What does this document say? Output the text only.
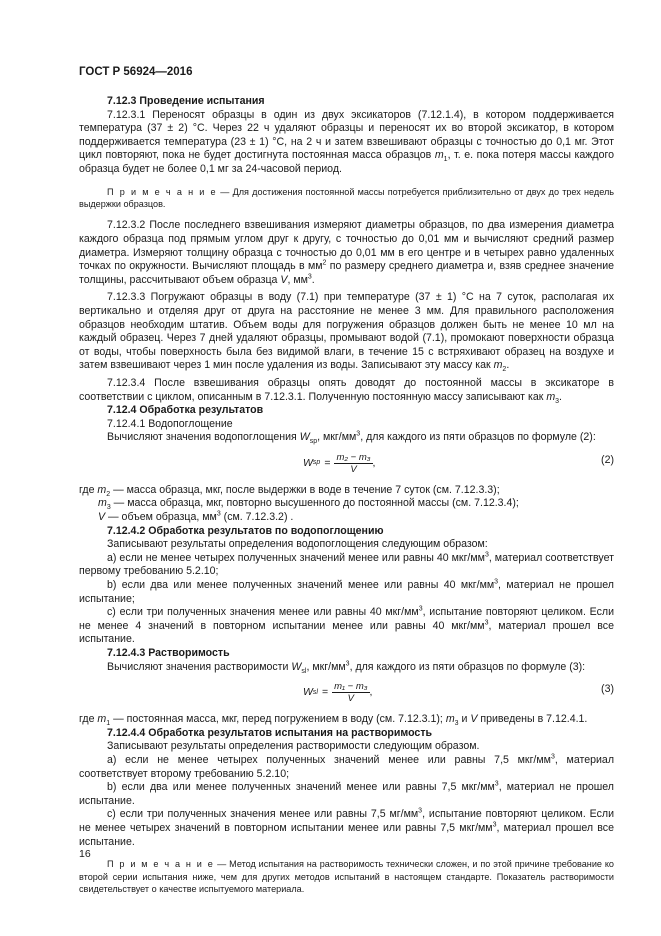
ГОСТ Р 56924—2016

7.12.3 Проведение испытания

7.12.3.1 Переносят образцы в один из двух эксикаторов (7.12.1.4), в котором поддерживается температура (37 ± 2) °С. Через 22 ч удаляют образцы и переносят их во второй эксикатор, в котором поддерживается температура (23 ± 1) °С, на 2 ч и затем взвешивают образцы с точностью до 0,1 мг. Этот цикл повторяют, пока не будет достигнута постоянная масса образцов $m_1$, т. е. пока потеря массы каждого образца будет не более 0,1 мг за 24-часовой период.

П р и м е ч а н и е — Для достижения постоянной массы потребуется приблизительно от двух до трех недель выдержки образцов.

7.12.3.2 После последнего взвешивания измеряют диаметры образцов, по два измерения диаметра каждого образца под прямым углом друг к другу, с точностью до 0,01 мм и вычисляют средний размер диаметра. Измеряют толщину образца с точностью до 0,01 мм в его центре и в четырех равно удаленных точках по окружности. Вычисляют площадь в $мм^2$ по размеру среднего диаметра и, взяв среднее значение толщины, рассчитывают объем образца V, $мм^3$.

7.12.3.3 Погружают образцы в воду (7.1) при температуре (37 ± 1) °С на 7 суток, располагая их вертикально и отделяя друг от друга на расстояние не менее 3 мм. Для правильного расположения образцов необходим штатив. Объем воды для погружения образцов должен быть не менее 10 мл на каждый образец. Через 7 дней удаляют образцы, промывают водой (7.1), промокают поверхности образца от воды, чтобы поверхность была без видимой влаги, в течение 15 с встряхивают образец на воздухе и затем взвешивают через 1 мин после удаления из воды. Записывают эту массу как $m_2$.

7.12.3.4 После взвешивания образцы опять доводят до постоянной массы в эксикаторе в соответствии с циклом, описанным в 7.12.3.1. Полученную постоянную массу записывают как $m_3$.

7.12.4 Обработка результатов

7.12.4.1 Водопоглощение

Вычисляют значения водопоглощения $W_{sp}$, мкг/$мм^3$, для каждого из пяти образцов по формуле (2):

W sp = $\frac{\text{m₂ − m₃}}{V}$ ,	(2)

где $m_2$ — масса образца, мкг, после выдержки в воде в течение 7 суток (см. 7.12.3.3);

$m_3$ — масса образца, мкг, повторно высушенного до постоянной массы (см. 7.12.3.4);

V — объем образца, $мм^3$ (см. 7.12.3.2) .

7.12.4.2 Обработка результатов по водопоглощению

Записывают результаты определения водопоглощения следующим образом:

а) если не менее четырех полученных значений менее или равны 40 мкг/$мм^3$, материал соответствует первому требованию 5.2.10;

b) если два или менее полученных значений менее или равны 40 мкг/$мм^3$, материал не прошел испытание;

с) если три полученных значения менее или равны 40 мкг/$мм^3$, испытание повторяют целиком. Если не менее 4 значений в повторном испытании менее или равны 40 мкг/$мм^3$, материал прошел все испытание.

7.12.4.3 Растворимость

Вычисляют значения растворимости $W_{sl}$, мкг/$мм^3$, для каждого из пяти образцов по формуле (3):

W sl = $\frac{\text{m₁ − m₃}}{V}$ ,	(3)

где $m_1$ — постоянная масса, мкг, перед погружением в воду (см. 7.12.3.1); $m_3$ и V приведены в 7.12.4.1.

7.12.4.4 Обработка результатов испытания на растворимость

Записывают результаты определения растворимости следующим образом.

а) если не менее четырех полученных значений менее или равны 7,5 мкг/$мм^3$, материал соответствует второму требованию 5.2.10;

b) если два или менее полученных значений менее или равны 7,5 мкг/$мм^3$, материал не прошел испытание.

с) если три полученных значения менее или равны 7,5 $мг/мм^3$, испытание повторяют целиком. Если не менее четырех значений в повторном испытании менее или равны 7,5 мкг/$мм^3$, материал прошел все испытание.

П р и м е ч а н и е — Метод испытания на растворимость технически сложен, и по этой причине требование ко второй серии испытания ниже, чем для других методов испытаний в настоящем стандарте. Показатель растворимости свидетельствует о качестве испытуемого материала.

16
